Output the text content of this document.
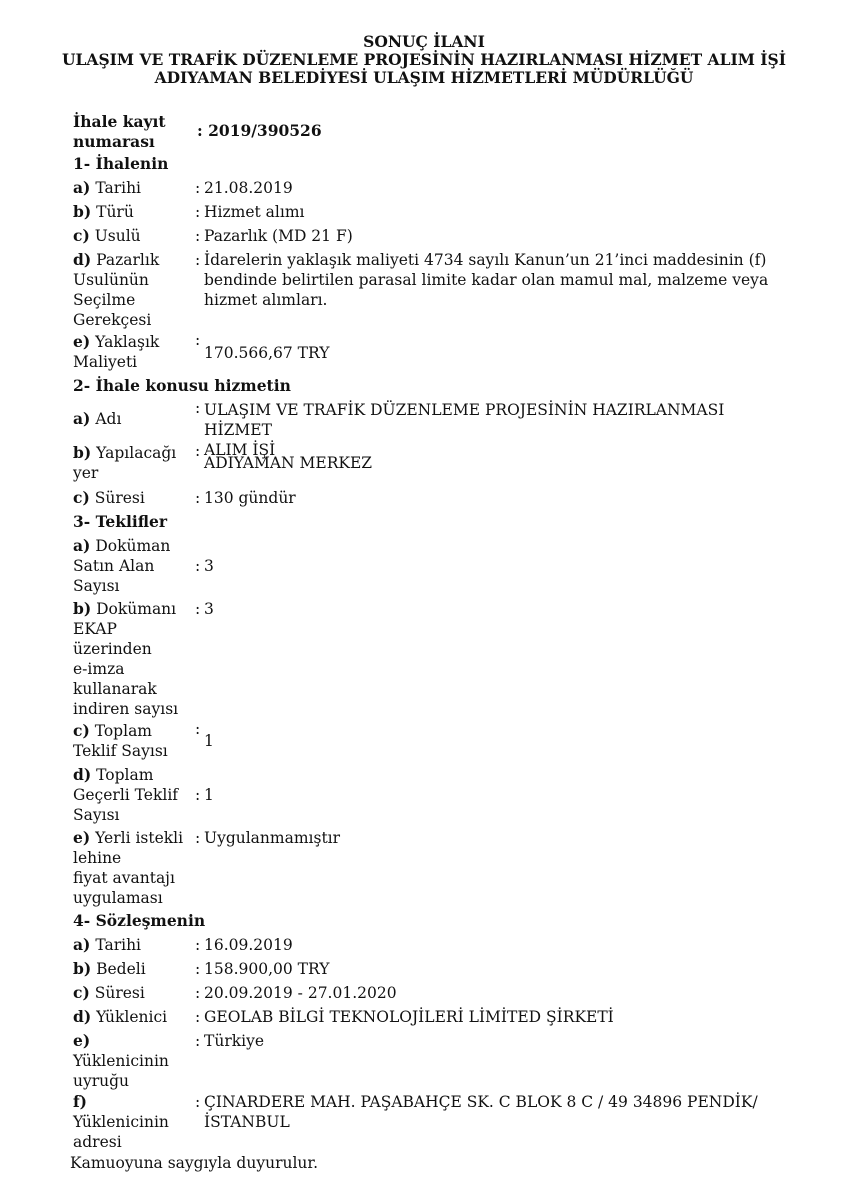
SONUÇ İLANI
ULAŞIM VE TRAFİK DÜZENLEME PROJESİNİN HAZIRLANMASI HİZMET ALIM İŞİ
ADIYAMAN BELEDİYESİ ULAŞIM HİZMETLERİ MÜDÜRLÜĞÜ
İhale kayıt
numarası
: 2019/390526
1- İhalenin
a) Tarihi	: 21.08.2019
b) Türü	: Hizmet alımı
c) Usulü	: Pazarlık (MD 21 F)
d) Pazarlık
Usulünün
Seçilme
Gerekçesi
: İdarelerin yaklaşık maliyeti 4734 sayılı Kanun’un 21’inci maddesinin (f)
bendinde belirtilen parasal limite kadar olan mamul mal, malzeme veya
hizmet alımları.
e) Yaklaşık
Maliyeti
:
170.566,67 TRY
2- İhale konusu hizmetin
a) Adı
: ULAŞIM VE TRAFİK DÜZENLEME PROJESİNİN HAZIRLANMASI HİZMET
ALIM İŞİ
b) Yapılacağı
yer
:
ADIYAMAN MERKEZ
c) Süresi	: 130 gündür
3- Teklifler
a) Doküman
Satın Alan
Sayısı
: 3
b) Dokümanı
EKAP
üzerinden
e-imza
kullanarak
indiren sayısı
: 3
c) Toplam
Teklif Sayısı
:
1
d) Toplam
Geçerli Teklif
Sayısı
: 1
e) Yerli istekli
lehine
fiyat avantajı
uygulaması
: Uygulanmamıştır
4- Sözleşmenin
a) Tarihi	: 16.09.2019
b) Bedeli	: 158.900,00 TRY
c) Süresi	: 20.09.2019 - 27.01.2020
d) Yüklenici	: GEOLAB BİLGİ TEKNOLOJİLERİ LİMİTED ŞİRKETİ
e)
Yüklenicinin
uyruğu
: Türkiye
f)
Yüklenicinin
adresi
: ÇINARDERE MAH. PAŞABAHÇE SK. C BLOK 8 C / 49 34896 PENDİK/
İSTANBUL
Kamuoyuna saygıyla duyurulur.
